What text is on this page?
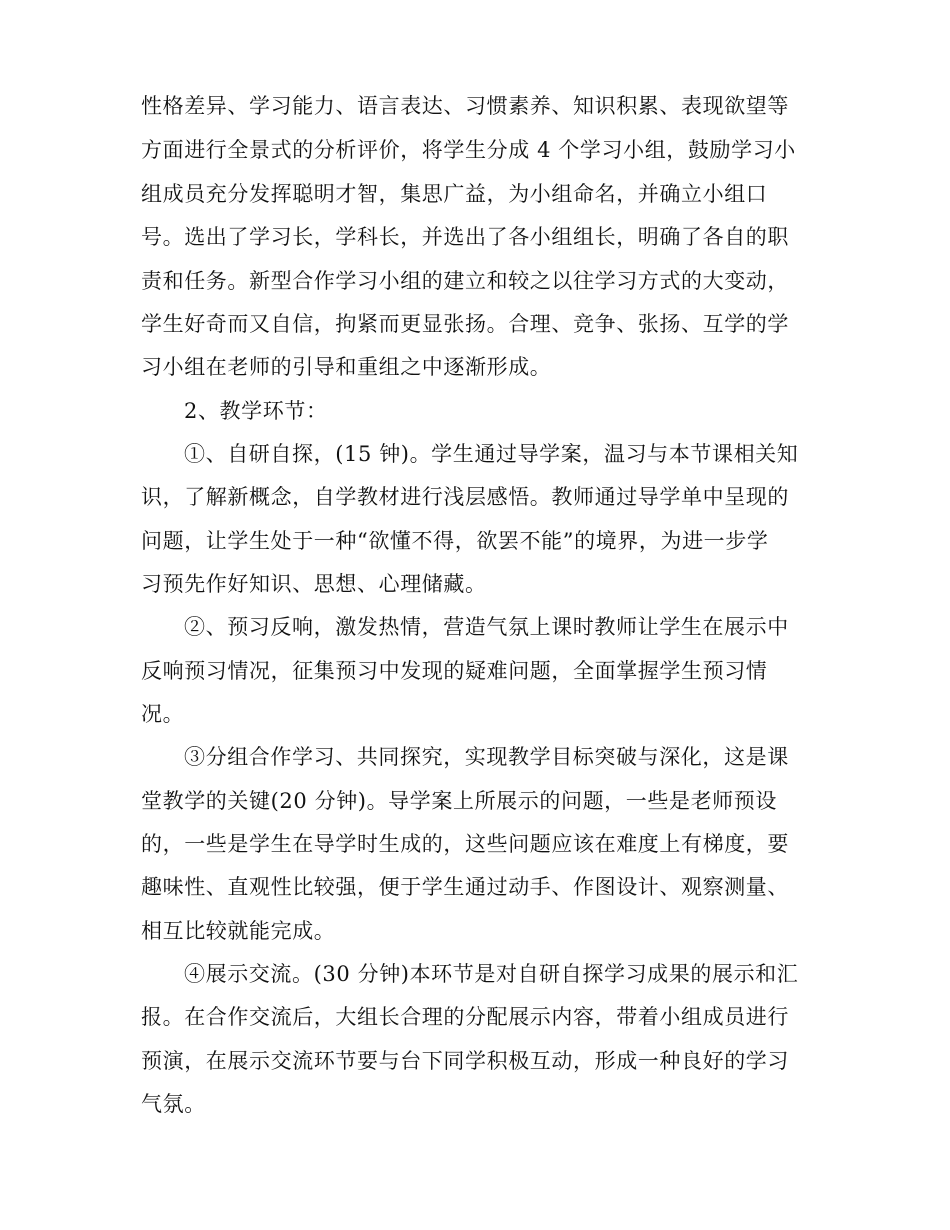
性格差异、学习能力、语言表达、习惯素养、知识积累、表现欲望等
方面进行全景式的分析评价，将学生分成 4 个学习小组，鼓励学习小
组成员充分发挥聪明才智，集思广益，为小组命名，并确立小组口
号。选出了学习长，学科长，并选出了各小组组长，明确了各自的职
责和任务。新型合作学习小组的建立和较之以往学习方式的大变动，
学生好奇而又自信，拘紧而更显张扬。合理、竞争、张扬、互学的学
习小组在老师的引导和重组之中逐渐形成。
2、教学环节：
①、自研自探，(15 钟)。学生通过导学案，温习与本节课相关知
识，了解新概念，自学教材进行浅层感悟。教师通过导学单中呈现的
问题，让学生处于一种“欲懂不得，欲罢不能”的境界，为进一步学
习预先作好知识、思想、心理储藏。
②、预习反响，激发热情，营造气氛上课时教师让学生在展示中
反响预习情况，征集预习中发现的疑难问题，全面掌握学生预习情
况。
③分组合作学习、共同探究，实现教学目标突破与深化，这是课
堂教学的关键(20 分钟)。导学案上所展示的问题，一些是老师预设
的，一些是学生在导学时生成的，这些问题应该在难度上有梯度，要
趣味性、直观性比较强，便于学生通过动手、作图设计、观察测量、
相互比较就能完成。
④展示交流。(30 分钟)本环节是对自研自探学习成果的展示和汇
报。在合作交流后，大组长合理的分配展示内容，带着小组成员进行
预演，在展示交流环节要与台下同学积极互动，形成一种良好的学习
气氛。
